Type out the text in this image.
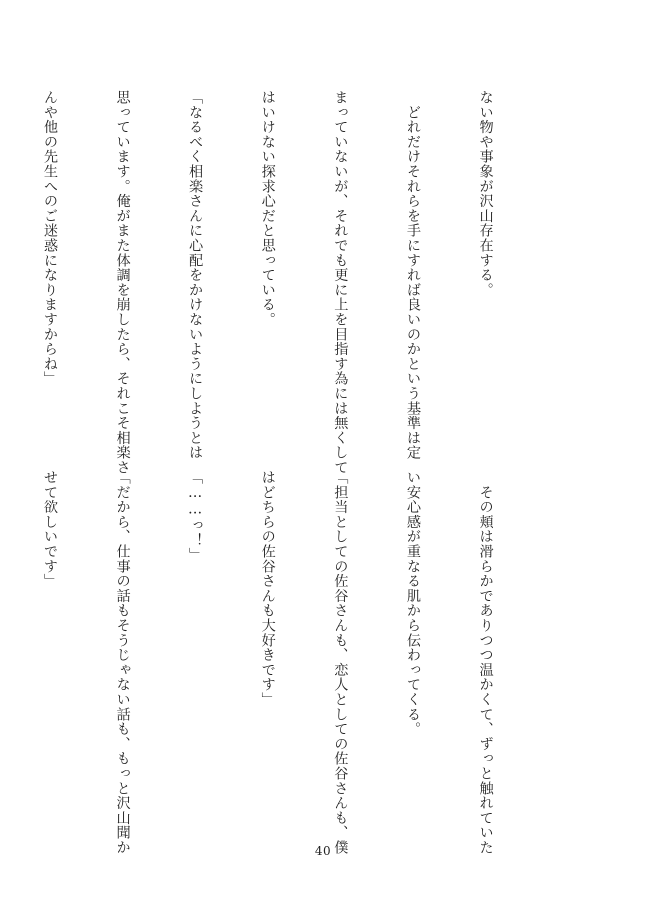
ない物や事象が沢山存在する。

　どれだけそれらを手にすれば良いのかという基準は定

まっていないが、それでも更に上を目指す為には無くして

はいけない探求心だと思っている。

「なるべく相楽さんに心配をかけないようにしようとは

思っています。俺がまた体調を崩したら、それこそ相楽さ

んや他の先生へのご迷惑になりますからね」

　その頬は滑らかでありつつ温かくて、ずっと触れていた

い安心感が重なる肌から伝わってくる。

「担当としての佐谷さんも、恋人としての佐谷さんも、僕

はどちらの佐谷さんも大好きです」

「……っ！」

「だから、仕事の話もそうじゃない話も、もっと沢山聞か

せて欲しいです」

40
